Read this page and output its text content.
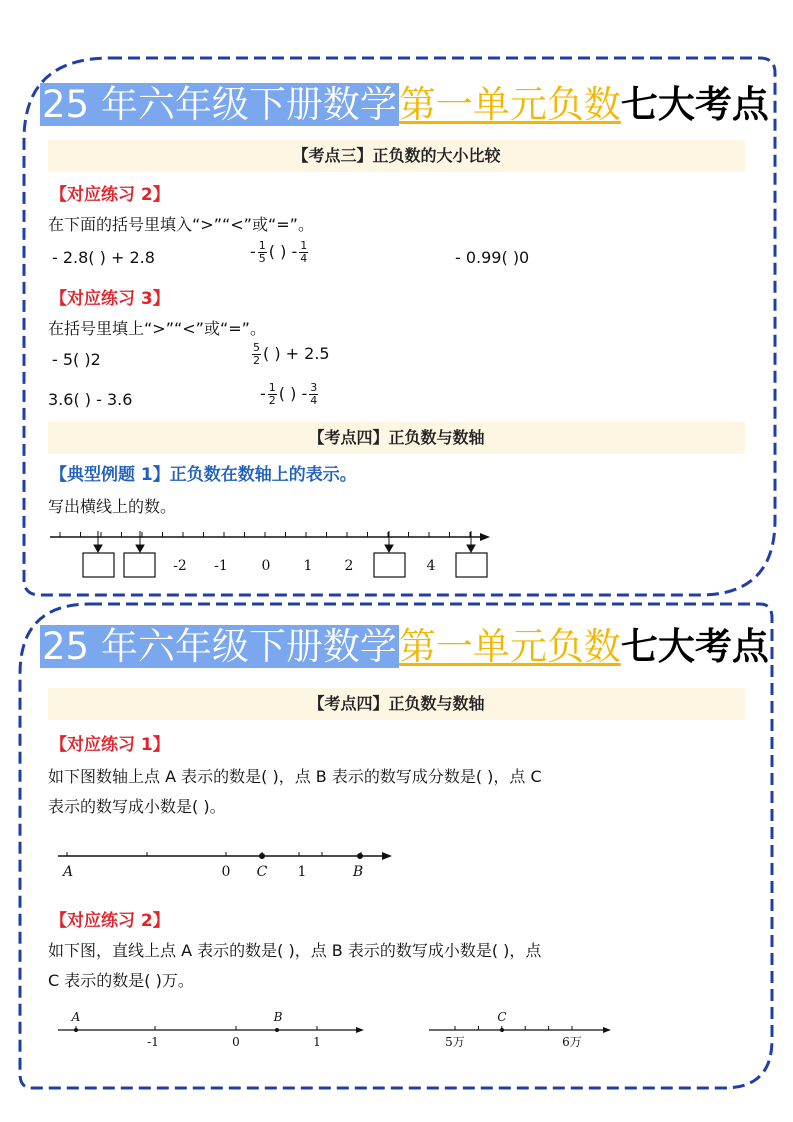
25 年六年级下册数学第一单元负数七大考点
【考点三】正负数的大小比较
【对应练习 2】
在下面的括号里填入“>”“<”或“=”。
- 2.8( ) + 2.8	- $\frac{1}{5}$ ( ) - $\frac{1}{4}$	- 0.99( )0
【对应练习 3】
在括号里填上“>”“<”或“=”。
- 5( )2	$\frac{5}{2}$ ( ) + 2.5
3.6( ) - 3.6	- $\frac{1}{2}$ ( ) - $\frac{3}{4}$
【考点四】正负数与数轴
【典型例题 1】正负数在数轴上的表示。
写出横线上的数。
-2 -1 0 1 2	4
25 年六年级下册数学第一单元负数七大考点
【考点四】正负数与数轴
【对应练习 1】
如下图数轴上点 A 表示的数是( )，点 B 表示的数写成分数是( )，点 C
表示的数写成小数是( )。
A	0 C 1	B
【对应练习 2】
如下图，直线上点 A 表示的数是( )，点 B 表示的数写成小数是( )，点
C 表示的数是( )万。
A	B
-1	0	1
C
5万	6万
